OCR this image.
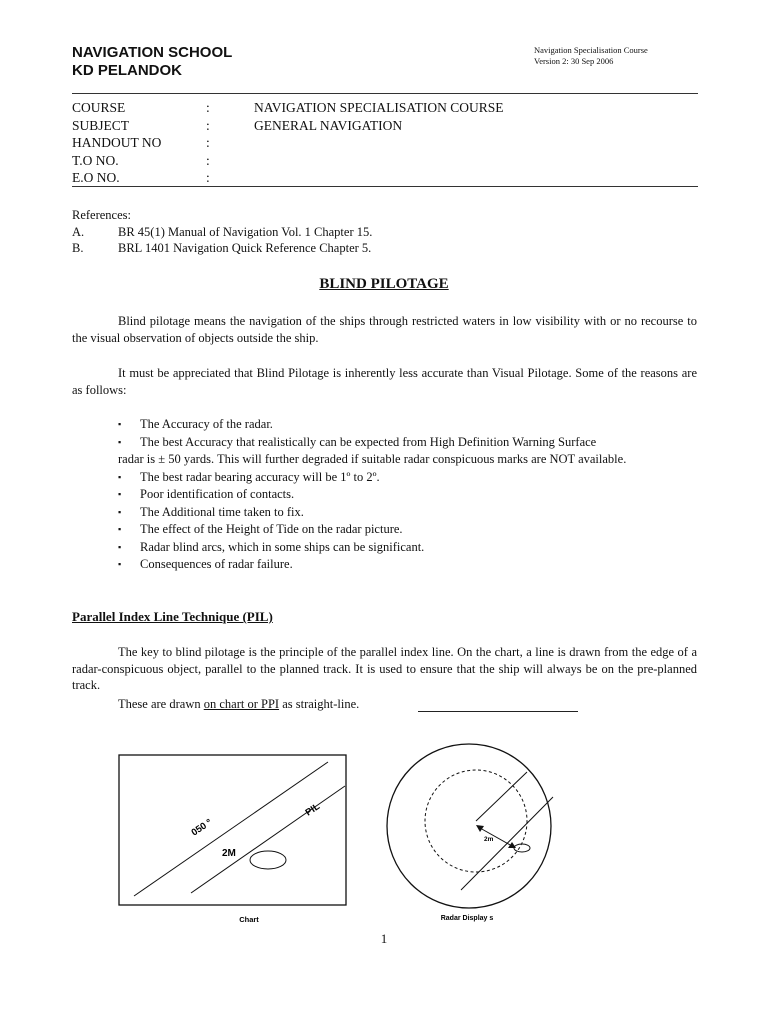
NAVIGATION SCHOOL
KD PELANDOK
Navigation Specialisation Course
Version 2: 30 Sep 2006
COURSE	:	NAVIGATION SPECIALISATION COURSE
SUBJECT	:	GENERAL NAVIGATION
HANDOUT NO	:
T.O NO.	:
E.O NO.	:
References:
A.	BR 45(1) Manual of Navigation Vol. 1 Chapter 15.
B.	BRL 1401 Navigation Quick Reference Chapter 5.
BLIND PILOTAGE
Blind pilotage means the navigation of the ships through restricted waters in low visibility with or no recourse to the visual observation of objects outside the ship.
It must be appreciated that Blind Pilotage is inherently less accurate than Visual Pilotage. Some of the reasons are as follows:
▪ The Accuracy of the radar.
▪ The best Accuracy that realistically can be expected from High Definition Warning Surface
radar is ± 50 yards. This will further degraded if suitable radar conspicuous marks are NOT available.
▪ The best radar bearing accuracy will be 1º to 2º.
▪ Poor identification of contacts.
▪ The Additional time taken to fix.
▪ The effect of the Height of Tide on the radar picture.
▪ Radar blind arcs, which in some ships can be significant.
▪ Consequences of radar failure.
Parallel Index Line Technique (PIL)
The key to blind pilotage is the principle of the parallel index line. On the chart, a line is drawn from the edge of a radar-conspicuous object, parallel to the planned track. It is used to ensure that the ship will always be on the pre-planned track.
These are drawn on chart or PPI as straight-line.
050 º
PIL
2M
Chart
2m
Radar Display s
1
